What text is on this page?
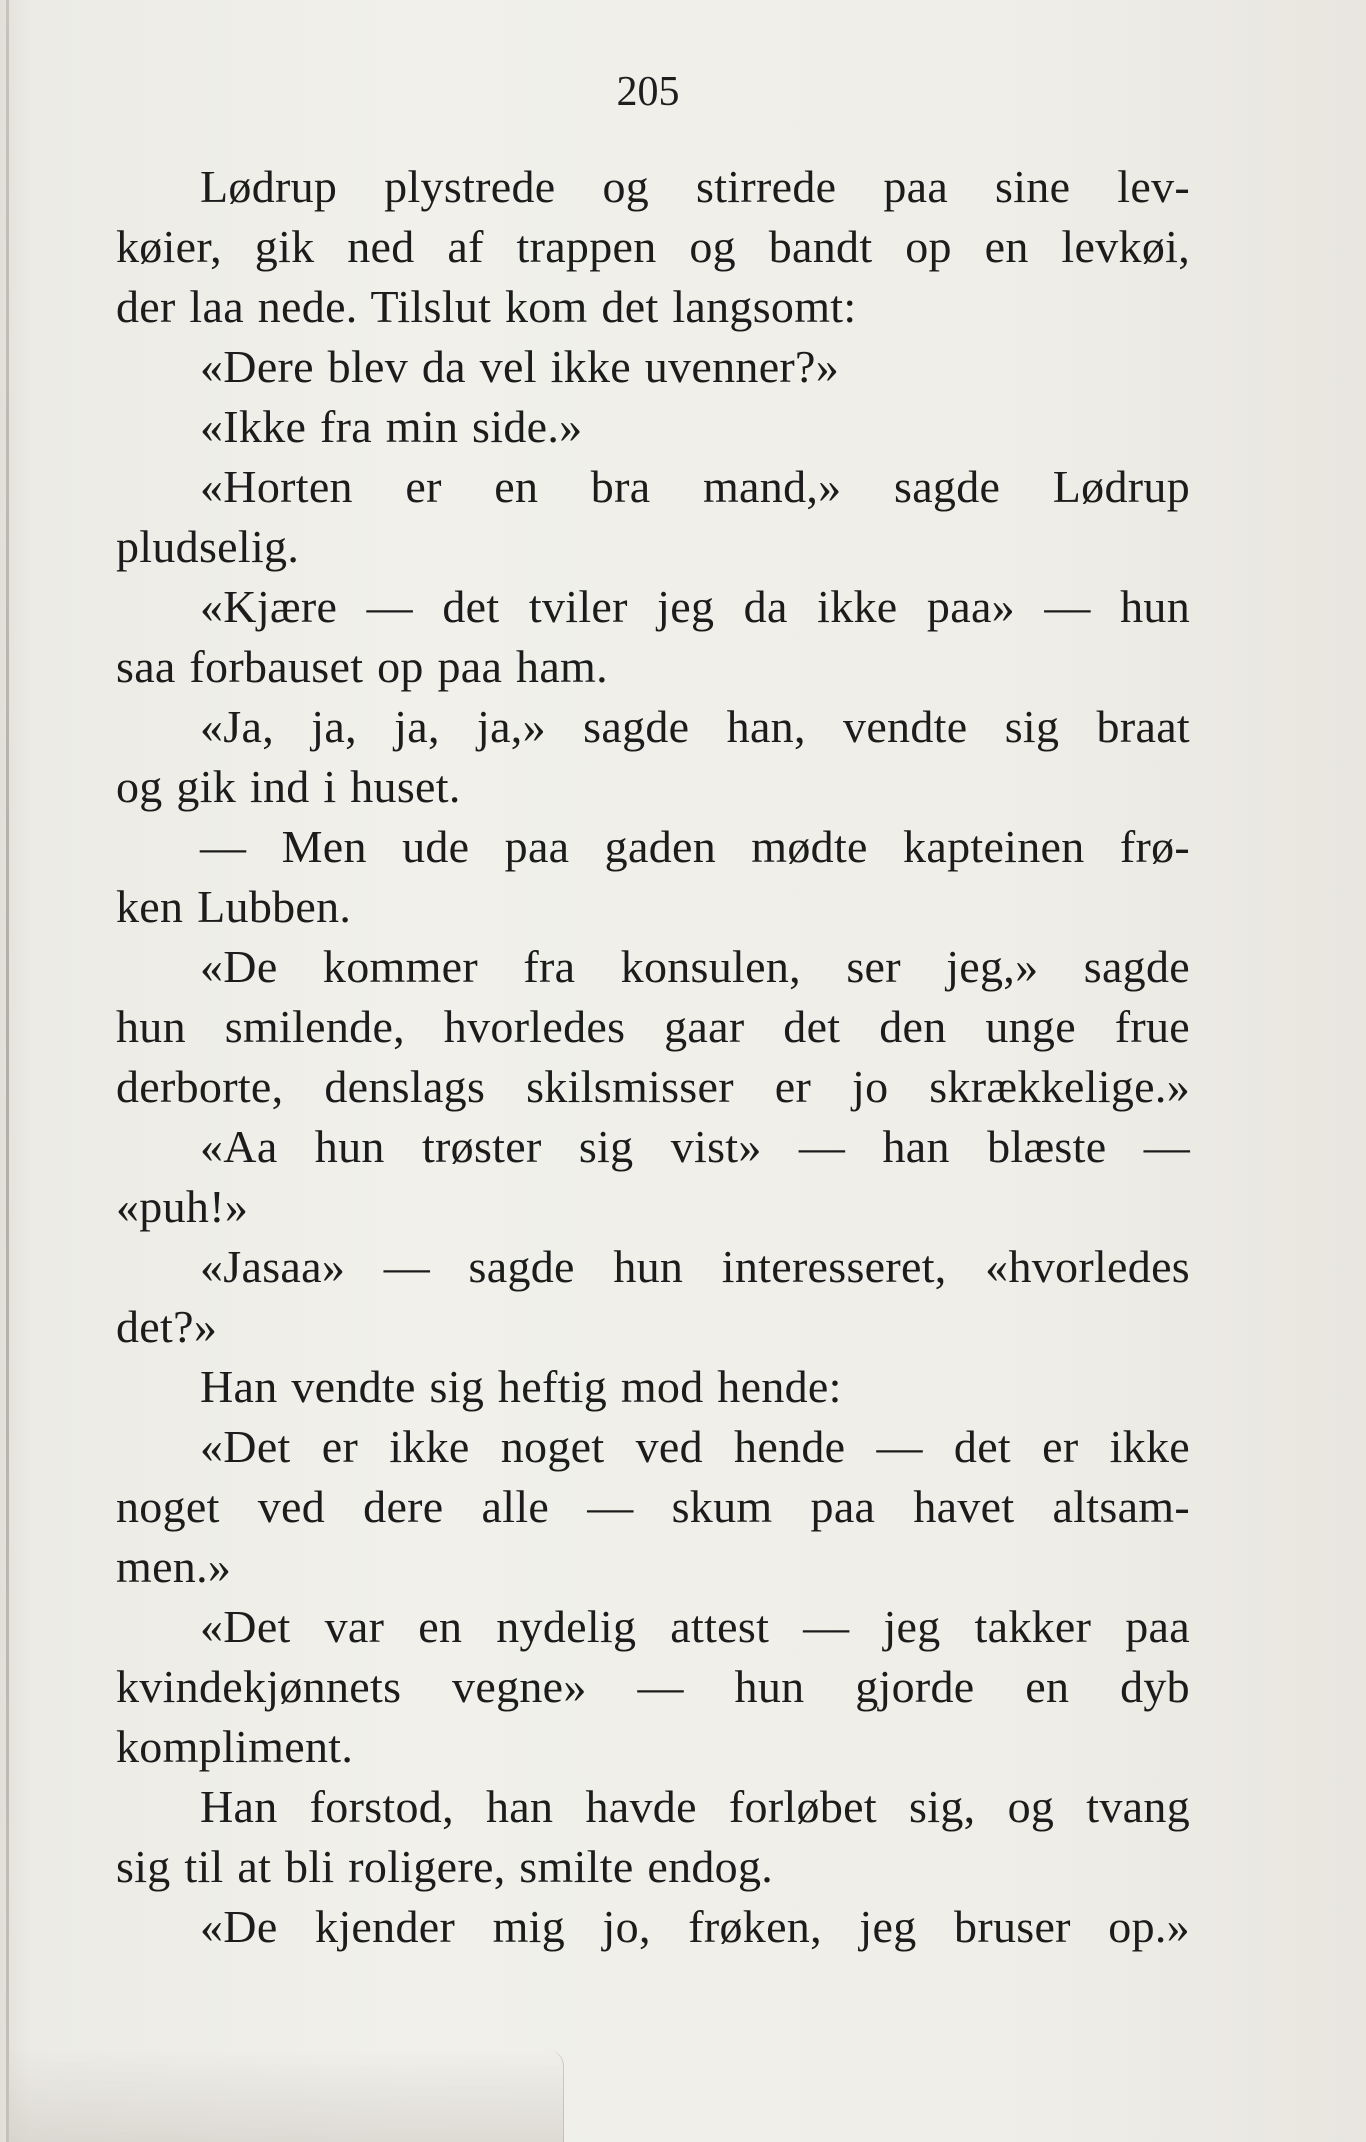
205

Lødrup plystrede og stirrede paa sine lev-
køier, gik ned af trappen og bandt op en levkøi,
der laa nede. Tilslut kom det langsomt:
«Dere blev da vel ikke uvenner?»
«Ikke fra min side.»
«Horten er en bra mand,» sagde Lødrup
pludselig.
«Kjære — det tviler jeg da ikke paa» — hun
saa forbauset op paa ham.
«Ja, ja, ja, ja,» sagde han, vendte sig braat
og gik ind i huset.
— Men ude paa gaden mødte kapteinen frø-
ken Lubben.
«De kommer fra konsulen, ser jeg,» sagde
hun smilende, hvorledes gaar det den unge frue
derborte, denslags skilsmisser er jo skrækkelige.»
«Aa hun trøster sig vist» — han blæste —
«puh!»
«Jasaa» — sagde hun interesseret, «hvorledes
det?»
Han vendte sig heftig mod hende:
«Det er ikke noget ved hende — det er ikke
noget ved dere alle — skum paa havet altsam-
men.»
«Det var en nydelig attest — jeg takker paa
kvindekjønnets vegne» — hun gjorde en dyb
kompliment.
Han forstod, han havde forløbet sig, og tvang
sig til at bli roligere, smilte endog.
«De kjender mig jo, frøken, jeg bruser op.»
